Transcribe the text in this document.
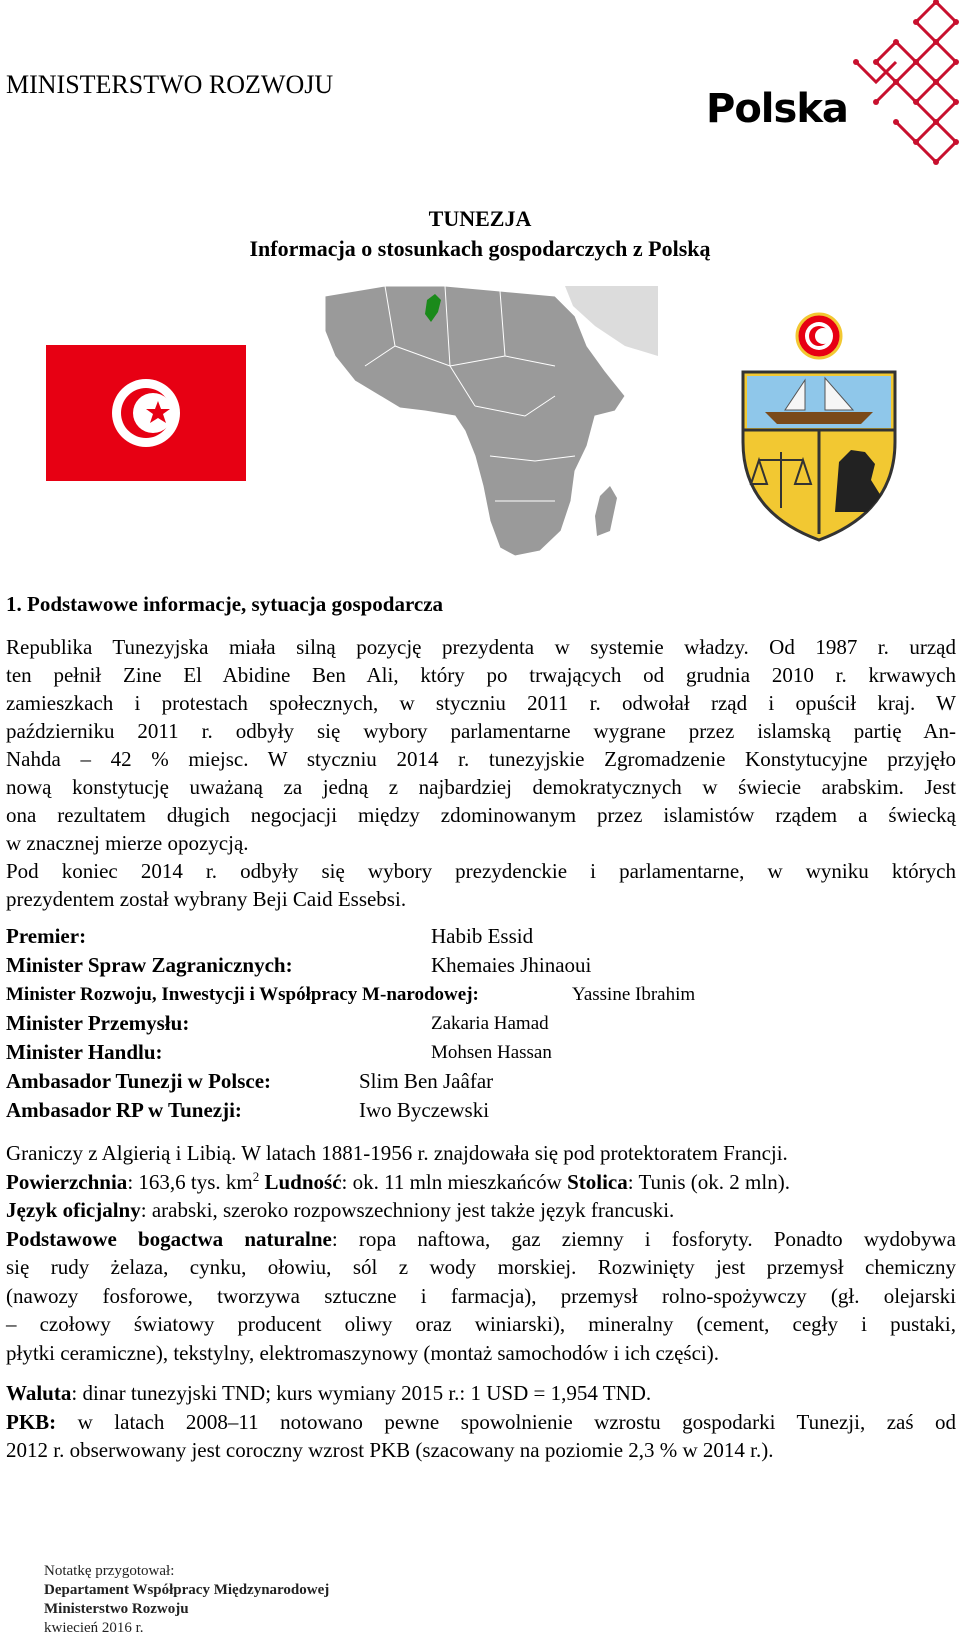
MINISTERSTWO ROZWOJU
Polska
TUNEZJA
Informacja o stosunkach gospodarczych z Polską
1. Podstawowe informacje, sytuacja gospodarcza
Republika Tunezyjska miała silną pozycję prezydenta w systemie władzy. Od 1987 r. urząd
ten pełnił Zine El Abidine Ben Ali, który po trwających od grudnia 2010 r. krwawych
zamieszkach i protestach społecznych, w styczniu 2011 r. odwołał rząd i opuścił kraj. W
październiku 2011 r. odbyły się wybory parlamentarne wygrane przez islamską partię An-
Nahda – 42 % miejsc. W styczniu 2014 r. tunezyjskie Zgromadzenie Konstytucyjne przyjęło
nową konstytucję uważaną za jedną z najbardziej demokratycznych w świecie arabskim. Jest
ona rezultatem długich negocjacji między zdominowanym przez islamistów rządem a świecką
w znacznej mierze opozycją.
Pod koniec 2014 r. odbyły się wybory prezydenckie i parlamentarne, w wyniku których
prezydentem został wybrany Beji Caid Essebsi.
Premier:	Habib Essid
Minister Spraw Zagranicznych:	Khemaies Jhinaoui
Minister Rozwoju, Inwestycji i Współpracy M-narodowej:	Yassine Ibrahim
Minister Przemysłu:	Zakaria Hamad
Minister Handlu:	Mohsen Hassan
Ambasador Tunezji w Polsce:	Slim Ben Jaâfar
Ambasador RP w Tunezji:	Iwo Byczewski
Graniczy z Algierią i Libią. W latach 1881-1956 r. znajdowała się pod protektoratem Francji.
Powierzchnia: 163,6 tys. $km^2$ Ludność: ok. 11 mln mieszkańców Stolica: Tunis (ok. 2 mln).
Język oficjalny: arabski, szeroko rozpowszechniony jest także język francuski.
Podstawowe bogactwa naturalne: ropa naftowa, gaz ziemny i fosforyty. Ponadto wydobywa
się rudy żelaza, cynku, ołowiu, sól z wody morskiej. Rozwinięty jest przemysł chemiczny
(nawozy fosforowe, tworzywa sztuczne i farmacja), przemysł rolno-spożywczy (gł. olejarski
– czołowy światowy producent oliwy oraz winiarski), mineralny (cement, cegły i pustaki,
płytki ceramiczne), tekstylny, elektromaszynowy (montaż samochodów i ich części).
Waluta: dinar tunezyjski TND; kurs wymiany 2015 r.: 1 USD = 1,954 TND.
PKB: w latach 2008–11 notowano pewne spowolnienie wzrostu gospodarki Tunezji, zaś od
2012 r. obserwowany jest coroczny wzrost PKB (szacowany na poziomie 2,3 % w 2014 r.).
Notatkę przygotował:
Departament Współpracy Międzynarodowej
Ministerstwo Rozwoju
kwiecień 2016 r.
